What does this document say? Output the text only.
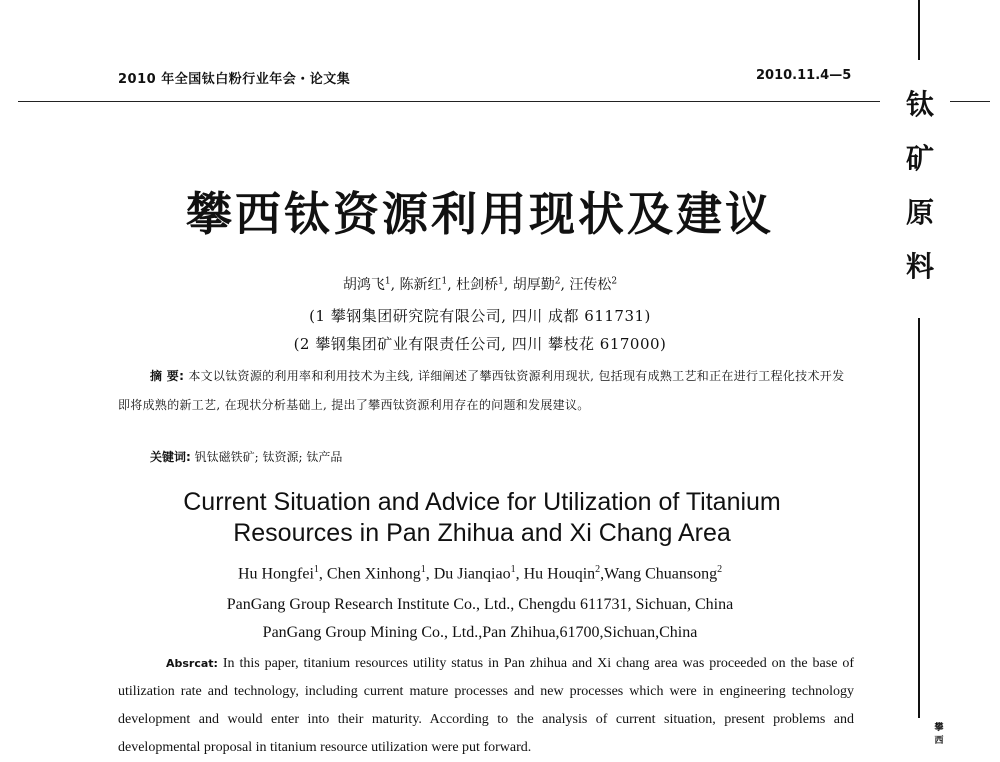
2010 年全国钛白粉行业年会・论文集	2010.11.4—5
钛
矿
原
料
攀
西
攀西钛资源利用现状及建议
胡鸿飞$^1$, 陈新红$^1$, 杜剑桥$^1$, 胡厚勤$^2$, 汪传松$^2$
(1 攀钢集团研究院有限公司, 四川 成都 611731)
(2 攀钢集团矿业有限责任公司, 四川 攀枝花 617000)
摘 要: 本文以钛资源的利用率和利用技术为主线, 详细阐述了攀西钛资源利用现状, 包括现有成熟工艺和正在进行工程化技术开发即将成熟的新工艺, 在现状分析基础上, 提出了攀西钛资源利用存在的问题和发展建议。
关键词: 钒钛磁铁矿; 钛资源; 钛产品
Current Situation and Advice for Utilization of Titanium
Resources in Pan Zhihua and Xi Chang Area
Hu Hongfei$^1$, Chen Xinhong$^1$, Du Jianqiao$^1$, Hu Houqin$^2$,Wang Chuansong$^2$
PanGang Group Research Institute Co., Ltd., Chengdu 611731, Sichuan, China
PanGang Group Mining Co., Ltd.,Pan Zhihua,61700,Sichuan,China
Absrcat: In this paper, titanium resources utility status in Pan zhihua and Xi chang area was proceeded on the base of utilization rate and technology, including current mature processes and new processes which were in engineering technology development and would enter into their maturity. According to the analysis of current situation, present problems and developmental proposal in titanium resource utilization were put forward.
